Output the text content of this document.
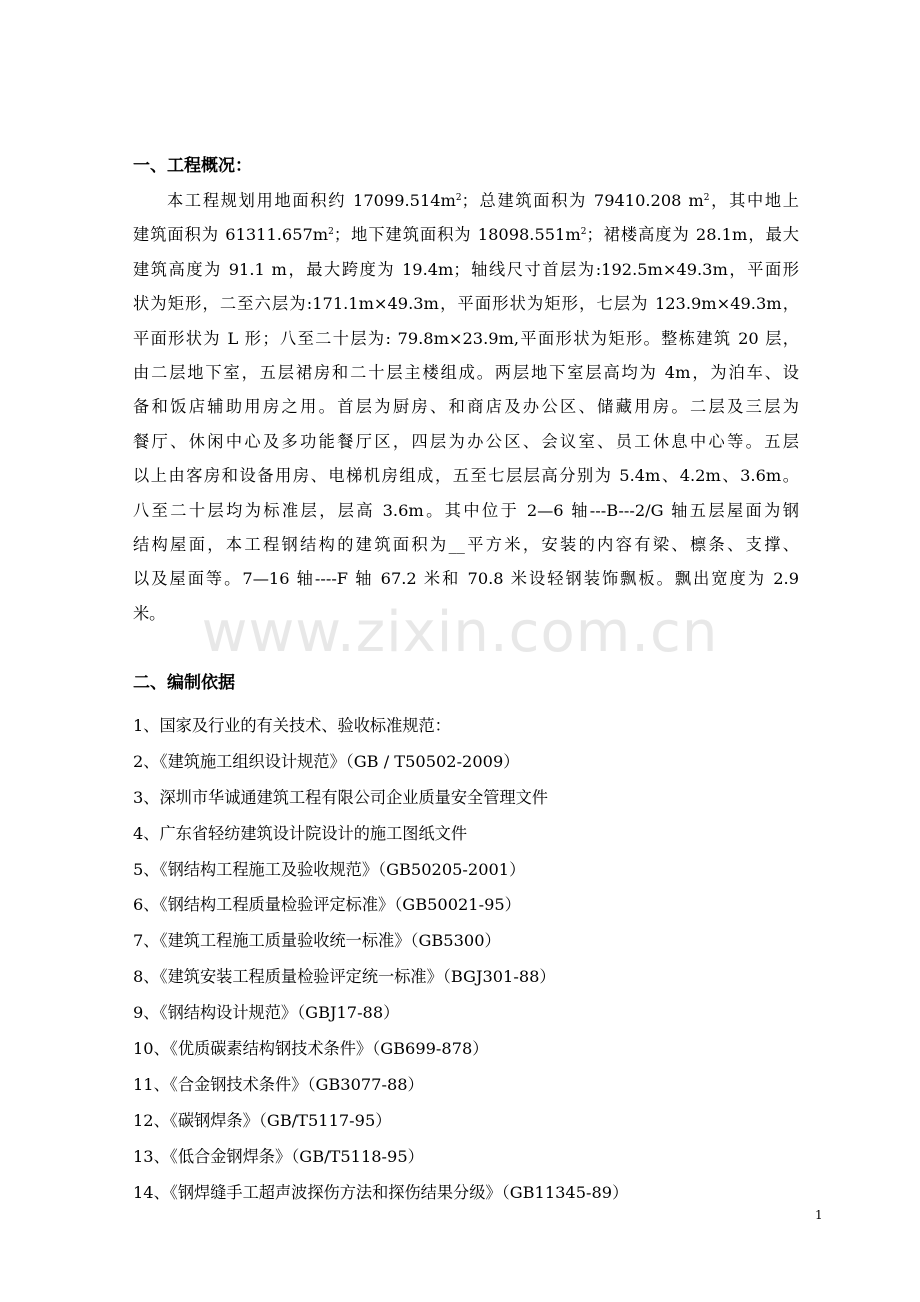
一、工程概况：
本工程规划用地面积约 $17099.514m^2$；总建筑面积为 79410.208 $m^2$，其中地上
建筑面积为 $61311.657m^2$；地下建筑面积为 $18098.551m^2$；裙楼高度为 28.1m，最大
建筑高度为 91.1 m，最大跨度为 19.4m；轴线尺寸首层为:192.5m×49.3m，平面形
状为矩形，二至六层为:171.1m×49.3m，平面形状为矩形，七层为 123.9m×49.3m，
平面形状为 L 形；八至二十层为: 79.8m×23.9m,平面形状为矩形。整栋建筑 20 层，
由二层地下室，五层裙房和二十层主楼组成。两层地下室层高均为 4m，为泊车、设
备和饭店辅助用房之用。首层为厨房、和商店及办公区、储藏用房。二层及三层为
餐厅、休闲中心及多功能餐厅区，四层为办公区、会议室、员工休息中心等。五层
以上由客房和设备用房、电梯机房组成，五至七层层高分别为 5.4m、4.2m、3.6m。
八至二十层均为标准层，层高 3.6m。其中位于 2—6 轴---B---2/G 轴五层屋面为钢
结构屋面，本工程钢结构的建筑面积为__平方米，安装的内容有梁、檩条、支撑、
以及屋面等。7—16 轴----F 轴 67.2 米和 70.8 米设轻钢装饰飘板。飘出宽度为 2.9
米。 www.zixin.com.cn
二、编制依据
1、国家及行业的有关技术、验收标准规范：
2、《建筑施工组织设计规范》（GB / T50502-2009）
3、深圳市华诚通建筑工程有限公司企业质量安全管理文件
4、广东省轻纺建筑设计院设计的施工图纸文件
5、《钢结构工程施工及验收规范》（GB50205-2001）
6、《钢结构工程质量检验评定标准》（GB50021-95）
7、《建筑工程施工质量验收统一标准》（GB5300）
8、《建筑安装工程质量检验评定统一标准》（BGJ301-88）
9、《钢结构设计规范》（GBJ17-88）
10、《优质碳素结构钢技术条件》（GB699-878）
11、《合金钢技术条件》（GB3077-88）
12、《碳钢焊条》（GB/T5117-95）
13、《低合金钢焊条》（GB/T5118-95）
14、《钢焊缝手工超声波探伤方法和探伤结果分级》（GB11345-89）
1
